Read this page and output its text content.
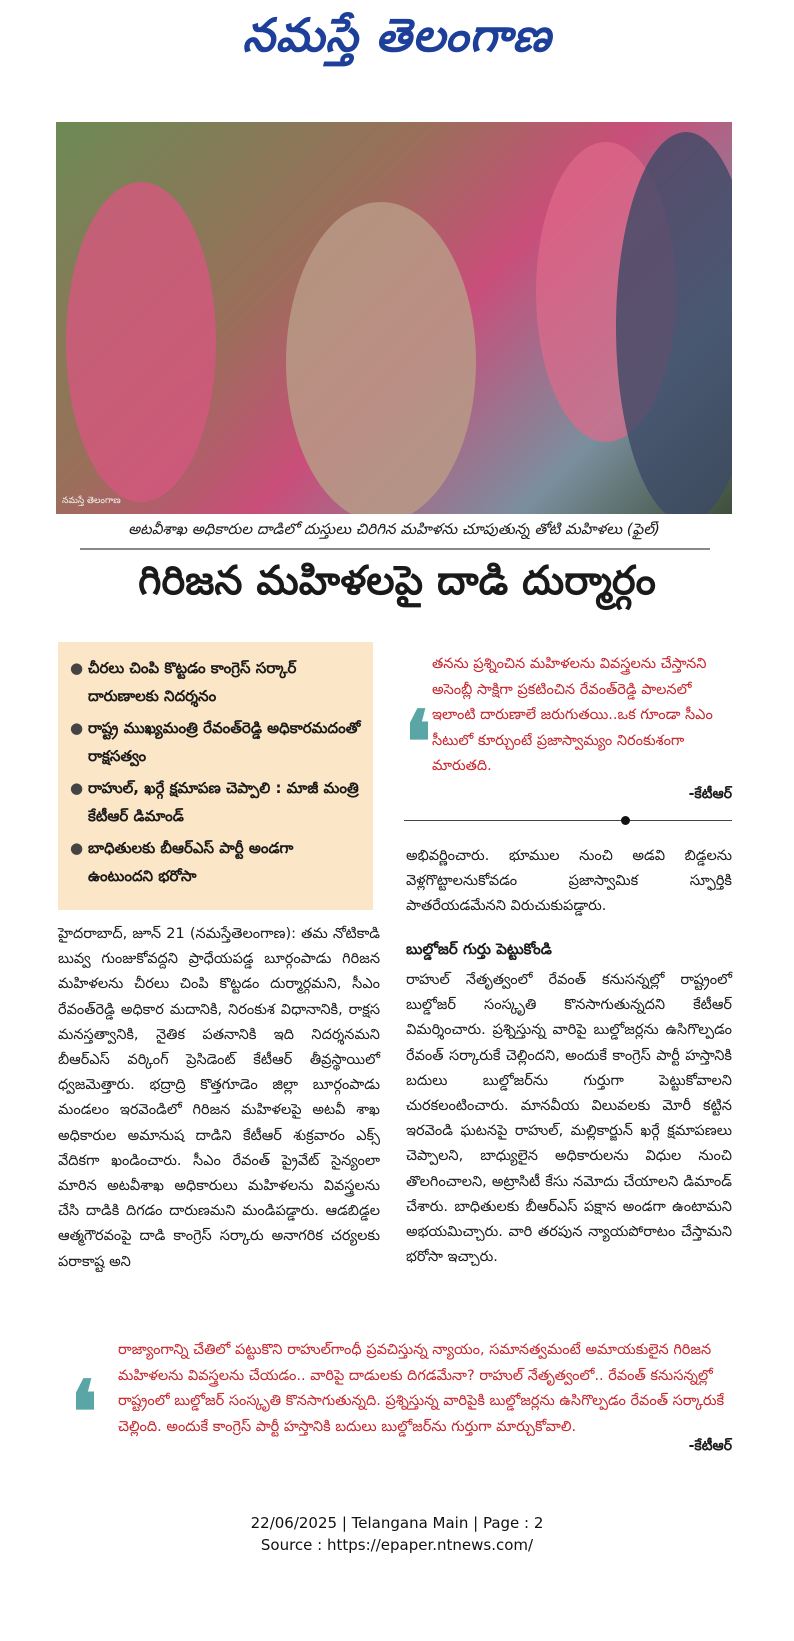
నమస్తే తెలంగాణ
నమస్తే తెలంగాణ
అటవీశాఖ అధికారుల దాడిలో దుస్తులు చిరిగిన మహిళను చూపుతున్న తోటి మహిళలు (ఫైల్)
గిరిజన మహిళలపై దాడి దుర్మార్గం
● చీరలు చింపి కొట్టడం కాంగ్రెస్ సర్కార్ దారుణాలకు నిదర్శనం
● రాష్ట్ర ముఖ్యమంత్రి రేవంత్‌రెడ్డి అధికారమదంతో రాక్షసత్వం
● రాహుల్, ఖర్గే క్షమాపణ చెప్పాలి : మాజీ మంత్రి కేటీఆర్ డిమాండ్
● బాధితులకు బీఆర్‌ఎస్ పార్టీ అండగా ఉంటుందని భరోసా
హైదరాబాద్, జూన్ 21 (నమస్తేతెలంగాణ): తమ నోటికాడి బువ్వ గుంజుకోవద్దని ప్రాధేయపడ్డ బూర్గంపాడు గిరిజన మహిళలను చీరలు చింపి కొట్టడం దుర్మార్గమని, సీఎం రేవంత్‌రెడ్డి అధికార మదానికి, నిరంకుశ విధానానికి, రాక్షస మనస్తత్వానికి, నైతిక పతనానికి ఇది నిదర్శనమని బీఆర్‌ఎస్ వర్కింగ్ ప్రెసిడెంట్ కేటీఆర్ తీవ్రస్థాయిలో ధ్వజమెత్తారు. భద్రాద్రి కొత్తగూడెం జిల్లా బూర్గంపాడు మండలం ఇరవెండిలో గిరిజన మహిళలపై అటవీ శాఖ అధికారుల అమానుష దాడిని కేటీఆర్ శుక్రవారం ఎక్స్ వేదికగా ఖండించారు. సీఎం రేవంత్ ప్రైవేట్ సైన్యంలా మారిన అటవీశాఖ అధికారులు మహిళలను వివస్త్రలను చేసి దాడికి దిగడం దారుణమని మండిపడ్డారు. ఆడబిడ్డల ఆత్మగౌరవంపై దాడి కాంగ్రెస్ సర్కారు అనాగరిక చర్యలకు పరాకాష్ట అని
❛
తనను ప్రశ్నించిన మహిళలను వివస్త్రలను చేస్తానని అసెంబ్లీ సాక్షిగా ప్రకటించిన రేవంత్‌రెడ్డి పాలనలో ఇలాంటి దారుణాలే జరుగుతయి..ఒక గూండా సీఎం సీటులో కూర్చుంటే ప్రజాస్వామ్యం నిరంకుశంగా మారుతది.
-కేటీఆర్
అభివర్ణించారు. భూముల నుంచి అడవి బిడ్డలను వెళ్లగొట్టాలనుకోవడం ప్రజాస్వామిక స్ఫూర్తికి పాతరేయడమేనని విరుచుకుపడ్డారు.
బుల్డోజర్ గుర్తు పెట్టుకోండి
రాహుల్ నేతృత్వంలో రేవంత్ కనుసన్నల్లో రాష్ట్రంలో బుల్డోజర్ సంస్కృతి కొనసాగుతున్నదని కేటీఆర్ విమర్శించారు. ప్రశ్నిస్తున్న వారిపై బుల్డోజర్లను ఉసిగొల్పడం రేవంత్ సర్కారుకే చెల్లిందని, అందుకే కాంగ్రెస్ పార్టీ హస్తానికి బదులు బుల్డోజర్‌ను గుర్తుగా పెట్టుకోవాలని చురకలంటించారు. మానవీయ విలువలకు మోరీ కట్టిన ఇరవెండి ఘటనపై రాహుల్, మల్లికార్జున్ ఖర్గే క్షమాపణలు చెప్పాలని, బాధ్యులైన అధికారులను విధుల నుంచి తొలగించాలని, అట్రాసిటీ కేసు నమోదు చేయాలని డిమాండ్ చేశారు. బాధితులకు బీఆర్‌ఎస్ పక్షాన అండగా ఉంటామని అభయమిచ్చారు. వారి తరపున న్యాయపోరాటం చేస్తామని భరోసా ఇచ్చారు.
❛
రాజ్యాంగాన్ని చేతిలో పట్టుకొని రాహుల్‌గాంధీ ప్రవచిస్తున్న న్యాయం, సమానత్వమంటే అమాయకులైన గిరిజన మహిళలను వివస్త్రలను చేయడం.. వారిపై దాడులకు దిగడమేనా? రాహుల్ నేతృత్వంలో.. రేవంత్ కనుసన్నల్లో రాష్ట్రంలో బుల్డోజర్ సంస్కృతి కొనసాగుతున్నది. ప్రశ్నిస్తున్న వారిపైకి బుల్డోజర్లను ఉసిగొల్పడం రేవంత్ సర్కారుకే చెల్లింది. అందుకే కాంగ్రెస్ పార్టీ హస్తానికి బదులు బుల్డోజర్‌ను గుర్తుగా మార్చుకోవాలి.
-కేటీఆర్
22/06/2025 | Telangana Main | Page : 2
Source : https://epaper.ntnews.com/
